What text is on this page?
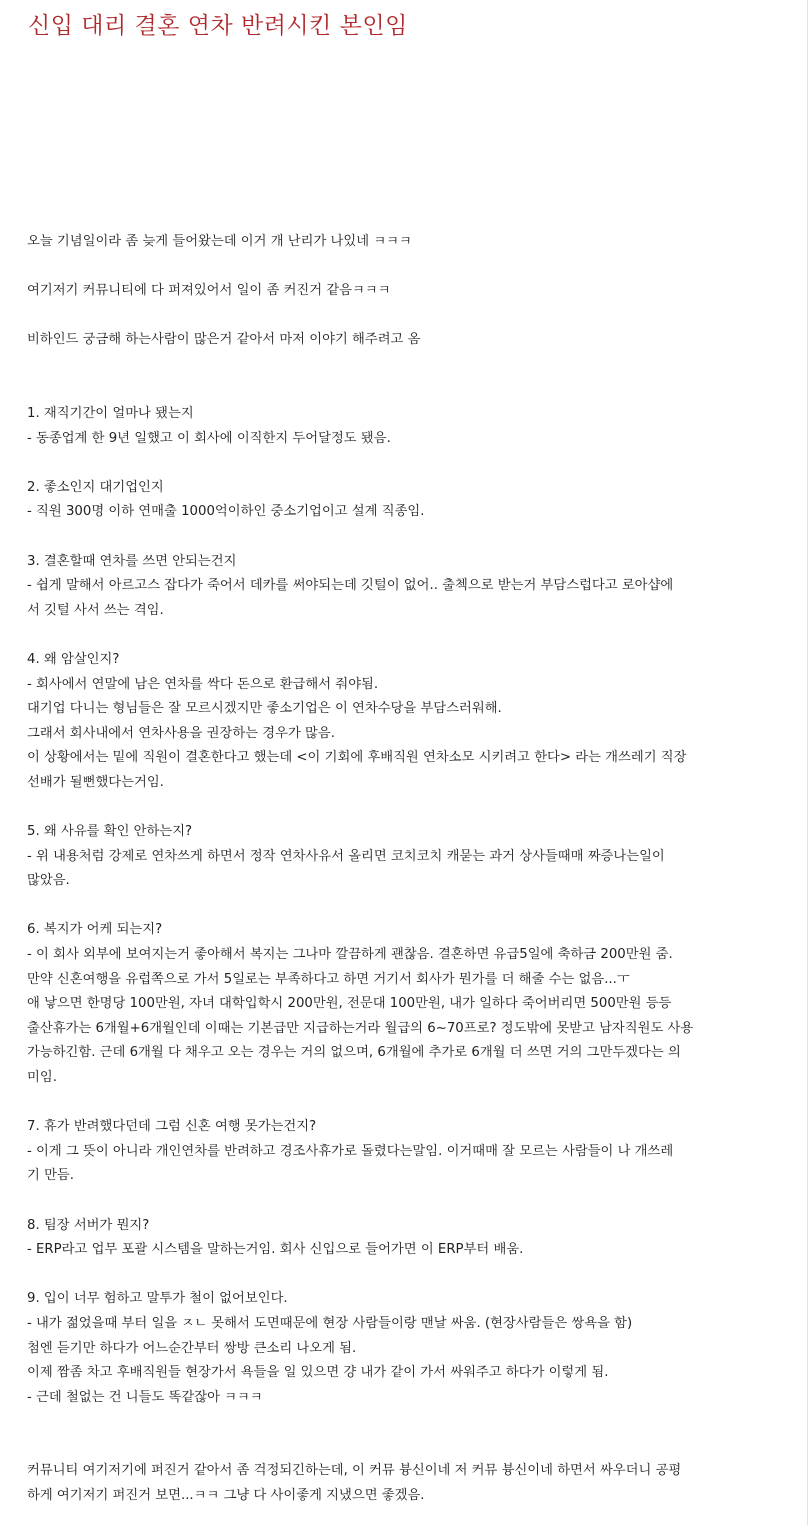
신입 대리 결혼 연차 반려시킨 본인임
오늘 기념일이라 좀 늦게 들어왔는데 이거 개 난리가 나있네 ㅋㅋㅋ
여기저기 커뮤니티에 다 퍼져있어서 일이 좀 커진거 같음ㅋㅋㅋ
비하인드 궁금해 하는사람이 많은거 같아서 마저 이야기 해주려고 옴
1. 재직기간이 얼마나 됐는지
- 동종업계 한 9년 일했고 이 회사에 이직한지 두어달정도 됐음.
2. 좋소인지 대기업인지
- 직원 300명 이하 연매출 1000억이하인 중소기업이고 설계 직종임.
3. 결혼할때 연차를 쓰면 안되는건지
- 쉽게 말해서 아르고스 잡다가 죽어서 데카를 써야되는데 깃털이 없어.. 출첵으로 받는거 부담스럽다고 로아샵에
서 깃털 사서 쓰는 격임.
4. 왜 암살인지?
- 회사에서 연말에 남은 연차를 싹다 돈으로 환급해서 줘야됨.
대기업 다니는 형님들은 잘 모르시겠지만 좋소기업은 이 연차수당을 부담스러워해.
그래서 회사내에서 연차사용을 권장하는 경우가 많음.
이 상황에서는 밑에 직원이 결혼한다고 했는데 <이 기회에 후배직원 연차소모 시키려고 한다> 라는 개쓰레기 직장
선배가 될뻔했다는거임.
5. 왜 사유를 확인 안하는지?
- 위 내용처럼 강제로 연차쓰게 하면서 정작 연차사유서 올리면 코치코치 캐묻는 과거 상사들때매 짜증나는일이
많았음.
6. 복지가 어케 되는지?
- 이 회사 외부에 보여지는거 좋아해서 복지는 그나마 깔끔하게 괜찮음. 결혼하면 유급5일에 축하금 200만원 줌.
만약 신혼여행을 유럽쪽으로 가서 5일로는 부족하다고 하면 거기서 회사가 뭔가를 더 해줄 수는 없음...ㅜ
애 낳으면 한명당 100만원, 자녀 대학입학시 200만원, 전문대 100만원, 내가 일하다 죽어버리면 500만원 등등
출산휴가는 6개월+6개월인데 이때는 기본급만 지급하는거라 월급의 6~70프로? 정도밖에 못받고 남자직원도 사용
가능하긴함. 근데 6개월 다 채우고 오는 경우는 거의 없으며, 6개월에 추가로 6개월 더 쓰면 거의 그만두겠다는 의
미임.
7. 휴가 반려했다던데 그럼 신혼 여행 못가는건지?
- 이게 그 뜻이 아니라 개인연차를 반려하고 경조사휴가로 돌렸다는말임. 이거때매 잘 모르는 사람들이 나 개쓰레
기 만듬.
8. 팀장 서버가 뭔지?
- ERP라고 업무 포괄 시스템을 말하는거임. 회사 신입으로 들어가면 이 ERP부터 배움.
9. 입이 너무 험하고 말투가 철이 없어보인다.
- 내가 젊었을때 부터 일을 ㅈㄴ 못해서 도면때문에 현장 사람들이랑 맨날 싸움. (현장사람들은 쌍욕을 함)
첨엔 듣기만 하다가 어느순간부터 쌍방 큰소리 나오게 됨.
이제 짬좀 차고 후배직원들 현장가서 욕들을 일 있으면 걍 내가 같이 가서 싸워주고 하다가 이렇게 됨.
- 근데 철없는 건 니들도 똑같잖아 ㅋㅋㅋ
커뮤니티 여기저기에 퍼진거 같아서 좀 걱정되긴하는데, 이 커뮤 븅신이네 저 커뮤 븅신이네 하면서 싸우더니 공평
하게 여기저기 퍼진거 보면...ㅋㅋ 그냥 다 사이좋게 지냈으면 좋겠음.
